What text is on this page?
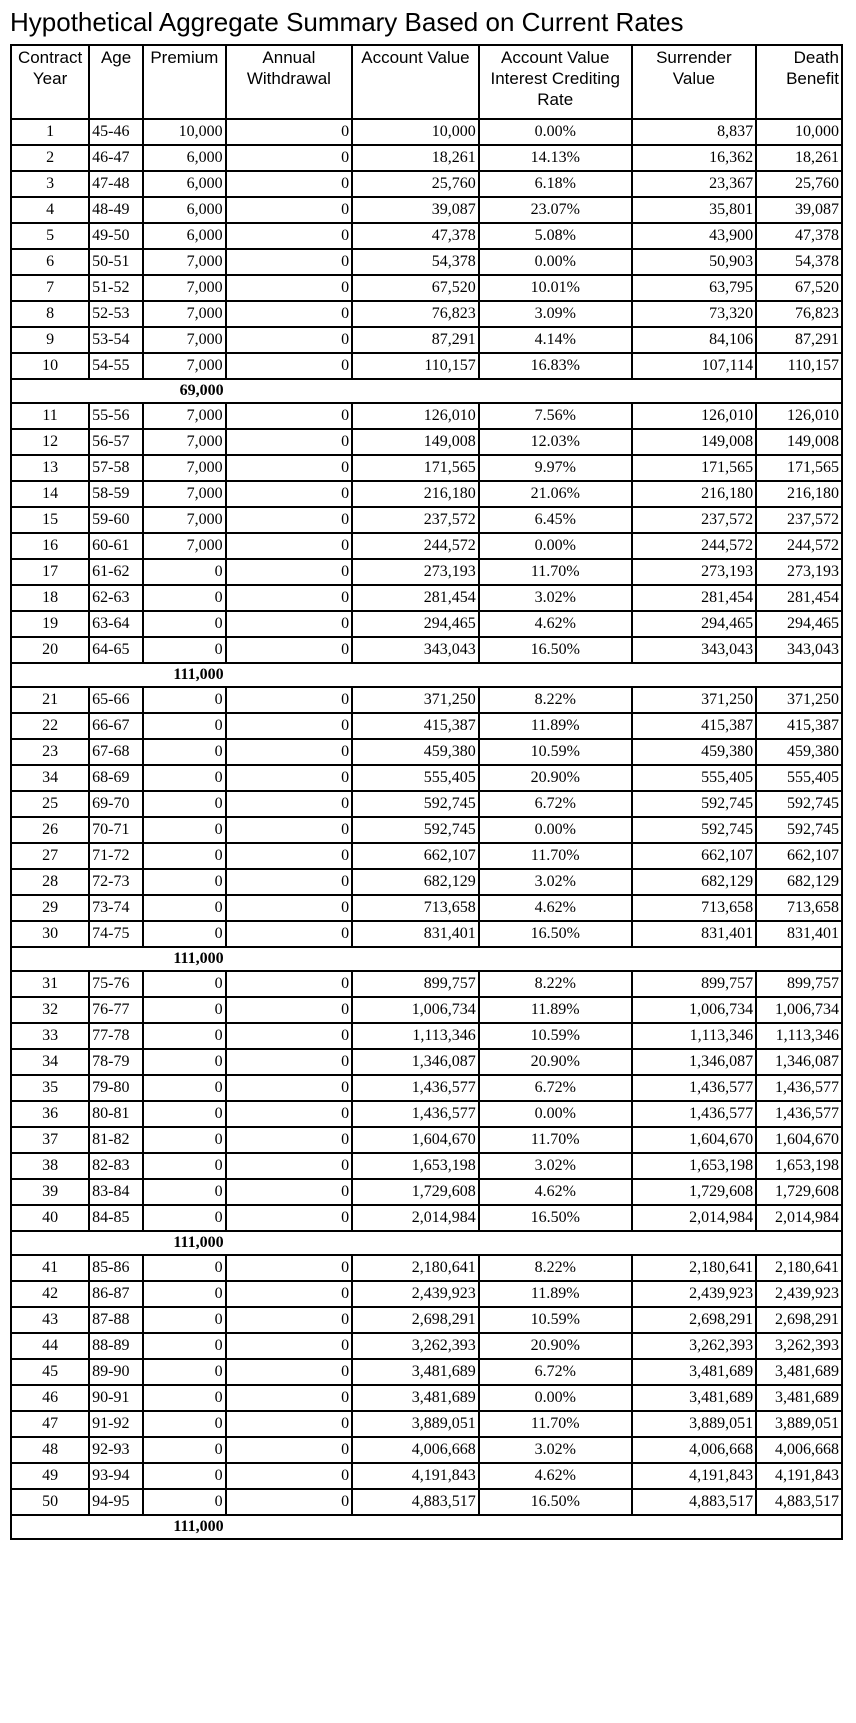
Hypothetical Aggregate Summary Based on Current Rates
Contract Year	Age	Premium	Annual Withdrawal	Account Value	Account Value Interest Crediting Rate	Surrender Value	Death Benefit
1	45-46	10,000	0	10,000	0.00%	8,837	10,000
2	46-47	6,000	0	18,261	14.13%	16,362	18,261
3	47-48	6,000	0	25,760	6.18%	23,367	25,760
4	48-49	6,000	0	39,087	23.07%	35,801	39,087
5	49-50	6,000	0	47,378	5.08%	43,900	47,378
6	50-51	7,000	0	54,378	0.00%	50,903	54,378
7	51-52	7,000	0	67,520	10.01%	63,795	67,520
8	52-53	7,000	0	76,823	3.09%	73,320	76,823
9	53-54	7,000	0	87,291	4.14%	84,106	87,291
10	54-55	7,000	0	110,157	16.83%	107,114	110,157
		69,000					
11	55-56	7,000	0	126,010	7.56%	126,010	126,010
12	56-57	7,000	0	149,008	12.03%	149,008	149,008
13	57-58	7,000	0	171,565	9.97%	171,565	171,565
14	58-59	7,000	0	216,180	21.06%	216,180	216,180
15	59-60	7,000	0	237,572	6.45%	237,572	237,572
16	60-61	7,000	0	244,572	0.00%	244,572	244,572
17	61-62	0	0	273,193	11.70%	273,193	273,193
18	62-63	0	0	281,454	3.02%	281,454	281,454
19	63-64	0	0	294,465	4.62%	294,465	294,465
20	64-65	0	0	343,043	16.50%	343,043	343,043
		111,000					
21	65-66	0	0	371,250	8.22%	371,250	371,250
22	66-67	0	0	415,387	11.89%	415,387	415,387
23	67-68	0	0	459,380	10.59%	459,380	459,380
34	68-69	0	0	555,405	20.90%	555,405	555,405
25	69-70	0	0	592,745	6.72%	592,745	592,745
26	70-71	0	0	592,745	0.00%	592,745	592,745
27	71-72	0	0	662,107	11.70%	662,107	662,107
28	72-73	0	0	682,129	3.02%	682,129	682,129
29	73-74	0	0	713,658	4.62%	713,658	713,658
30	74-75	0	0	831,401	16.50%	831,401	831,401
		111,000					
31	75-76	0	0	899,757	8.22%	899,757	899,757
32	76-77	0	0	1,006,734	11.89%	1,006,734	1,006,734
33	77-78	0	0	1,113,346	10.59%	1,113,346	1,113,346
34	78-79	0	0	1,346,087	20.90%	1,346,087	1,346,087
35	79-80	0	0	1,436,577	6.72%	1,436,577	1,436,577
36	80-81	0	0	1,436,577	0.00%	1,436,577	1,436,577
37	81-82	0	0	1,604,670	11.70%	1,604,670	1,604,670
38	82-83	0	0	1,653,198	3.02%	1,653,198	1,653,198
39	83-84	0	0	1,729,608	4.62%	1,729,608	1,729,608
40	84-85	0	0	2,014,984	16.50%	2,014,984	2,014,984
		111,000					
41	85-86	0	0	2,180,641	8.22%	2,180,641	2,180,641
42	86-87	0	0	2,439,923	11.89%	2,439,923	2,439,923
43	87-88	0	0	2,698,291	10.59%	2,698,291	2,698,291
44	88-89	0	0	3,262,393	20.90%	3,262,393	3,262,393
45	89-90	0	0	3,481,689	6.72%	3,481,689	3,481,689
46	90-91	0	0	3,481,689	0.00%	3,481,689	3,481,689
47	91-92	0	0	3,889,051	11.70%	3,889,051	3,889,051
48	92-93	0	0	4,006,668	3.02%	4,006,668	4,006,668
49	93-94	0	0	4,191,843	4.62%	4,191,843	4,191,843
50	94-95	0	0	4,883,517	16.50%	4,883,517	4,883,517
		111,000					
